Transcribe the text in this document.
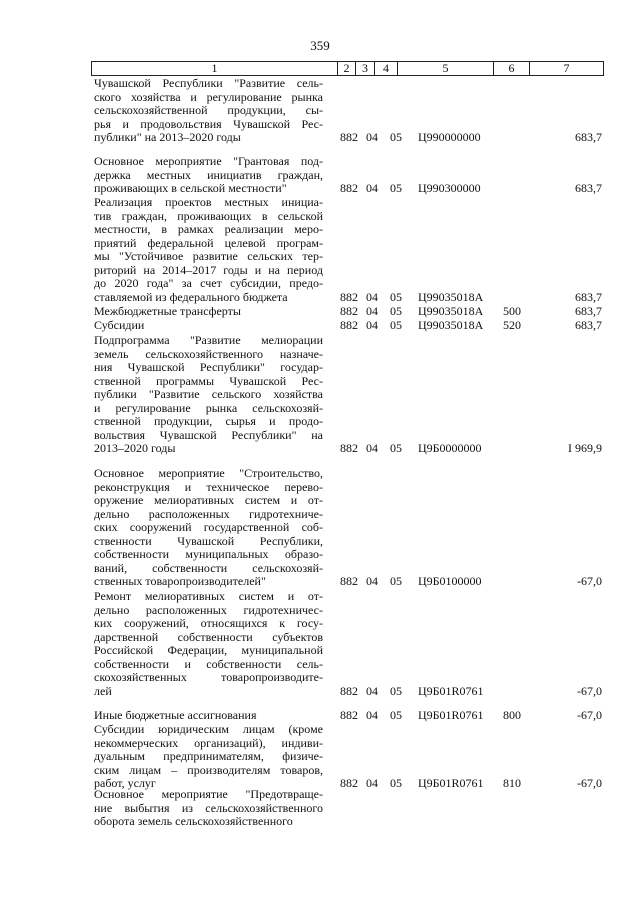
359
1	2	3	4	5	6	7
Чувашской Республики "Развитие сель-
ского хозяйства и регулирование рынка
сельскохозяйственной продукции, сы-
рья и продовольствия Чувашской Рес-
публики" на 2013–2020 годы	882 04 05 Ц990000000	683,7
Основное мероприятие "Грантовая под-
держка местных инициатив граждан,
проживающих в сельской местности"	882 04 05 Ц990300000	683,7
Реализация проектов местных инициа-
тив граждан, проживающих в сельской
местности, в рамках реализации меро-
приятий федеральной целевой програм-
мы "Устойчивое развитие сельских тер-
риторий на 2014–2017 годы и на период
до 2020 года" за счет субсидии, предо-
ставляемой из федерального бюджета	882 04 05 Ц99035018А	683,7
Межбюджетные трансферты	882 04 05 Ц99035018А 500	683,7
Субсидии	882 04 05 Ц99035018А 520	683,7
Подпрограмма "Развитие мелиорации
земель сельскохозяйственного назначе-
ния Чувашской Республики" государ-
ственной программы Чувашской Рес-
публики "Развитие сельского хозяйства
и регулирование рынка сельскохозяй-
ственной продукции, сырья и продо-
вольствия Чувашской Республики" на
2013–2020 годы	882 04 05 Ц9Б0000000	І 969,9
Основное мероприятие "Строительство,
реконструкция и техническое перево-
оружение мелиоративных систем и от-
дельно расположенных гидротехниче-
ских сооружений государственной соб-
ственности Чувашской Республики,
собственности муниципальных образо-
ваний, собственности сельскохозяй-
ственных товаропроизводителей"	882 04 05 Ц9Б0100000	-67,0
Ремонт мелиоративных систем и от-
дельно расположенных гидротехничес-
ких сооружений, относящихся к госу-
дарственной собственности субъектов
Российской Федерации, муниципальной
собственности и собственности сель-
скохозяйственных товаропроизводите-
лей	882 04 05 Ц9Б01R0761	-67,0
Иные бюджетные ассигнования	882 04 05 Ц9Б01R0761 800	-67,0
Субсидии юридическим лицам (кроме
некоммерческих организаций), индиви-
дуальным предпринимателям, физиче-
ским лицам – производителям товаров,
работ, услуг	882 04 05 Ц9Б01R0761 810	-67,0
Основное мероприятие "Предотвраще-
ние выбытия из сельскохозяйственного
оборота земель сельскохозяйственного
